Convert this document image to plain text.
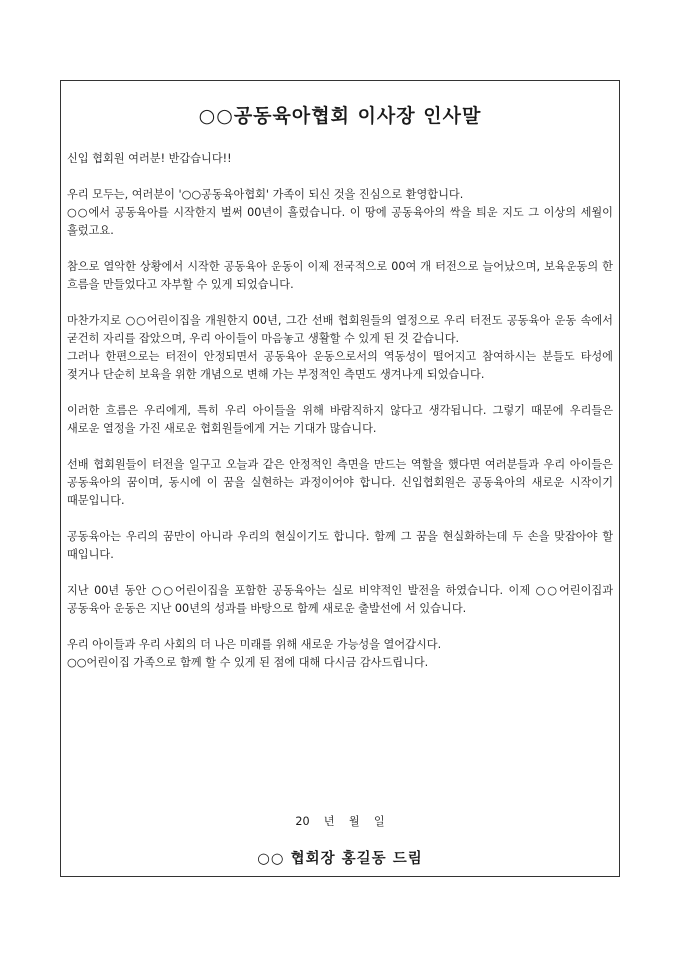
○○공동육아협회 이사장 인사말

신입 협회원 여러분! 반갑습니다!!

우리 모두는, 여러분이 '○○공동육아협회' 가족이 되신 것을 진심으로 환영합니다.

○○에서 공동육아를 시작한지 벌써 00년이 흘렀습니다. 이 땅에 공동육아의 싹을 틔운 지도 그 이상의 세월이 흘렀고요.

참으로 열악한 상황에서 시작한 공동육아 운동이 이제 전국적으로 00여 개 터전으로 늘어났으며, 보육운동의 한 흐름을 만들었다고 자부할 수 있게 되었습니다.

마찬가지로 ○○어린이집을 개원한지 00년, 그간 선배 협회원들의 열정으로 우리 터전도 공동육아 운동 속에서 굳건히 자리를 잡았으며, 우리 아이들이 마음놓고 생활할 수 있게 된 것 같습니다.

그러나 한편으로는 터전이 안정되면서 공동육아 운동으로서의 역동성이 떨어지고 참여하시는 분들도 타성에 젖거나 단순히 보육을 위한 개념으로 변해 가는 부정적인 측면도 생겨나게 되었습니다.

이러한 흐름은 우리에게, 특히 우리 아이들을 위해 바람직하지 않다고 생각됩니다. 그렇기 때문에 우리들은 새로운 열정을 가진 새로운 협회원들에게 거는 기대가 많습니다.

선배 협회원들이 터전을 일구고 오늘과 같은 안정적인 측면을 만드는 역할을 했다면 여러분들과 우리 아이들은 공동육아의 꿈이며, 동시에 이 꿈을 실현하는 과정이어야 합니다. 신입협회원은 공동육아의 새로운 시작이기 때문입니다.

공동육아는 우리의 꿈만이 아니라 우리의 현실이기도 합니다. 함께 그 꿈을 현실화하는데 두 손을 맞잡아야 할 때입니다.

지난 00년 동안 ○○어린이집을 포함한 공동육아는 실로 비약적인 발전을 하였습니다. 이제 ○○어린이집과 공동육아 운동은 지난 00년의 성과를 바탕으로 함께 새로운 출발선에 서 있습니다.

우리 아이들과 우리 사회의 더 나은 미래를 위해 새로운 가능성을 열어갑시다.

○○어린이집 가족으로 함께 할 수 있게 된 점에 대해 다시금 감사드립니다.

20    년    월    일
○○ 협회장 홍길동 드림
